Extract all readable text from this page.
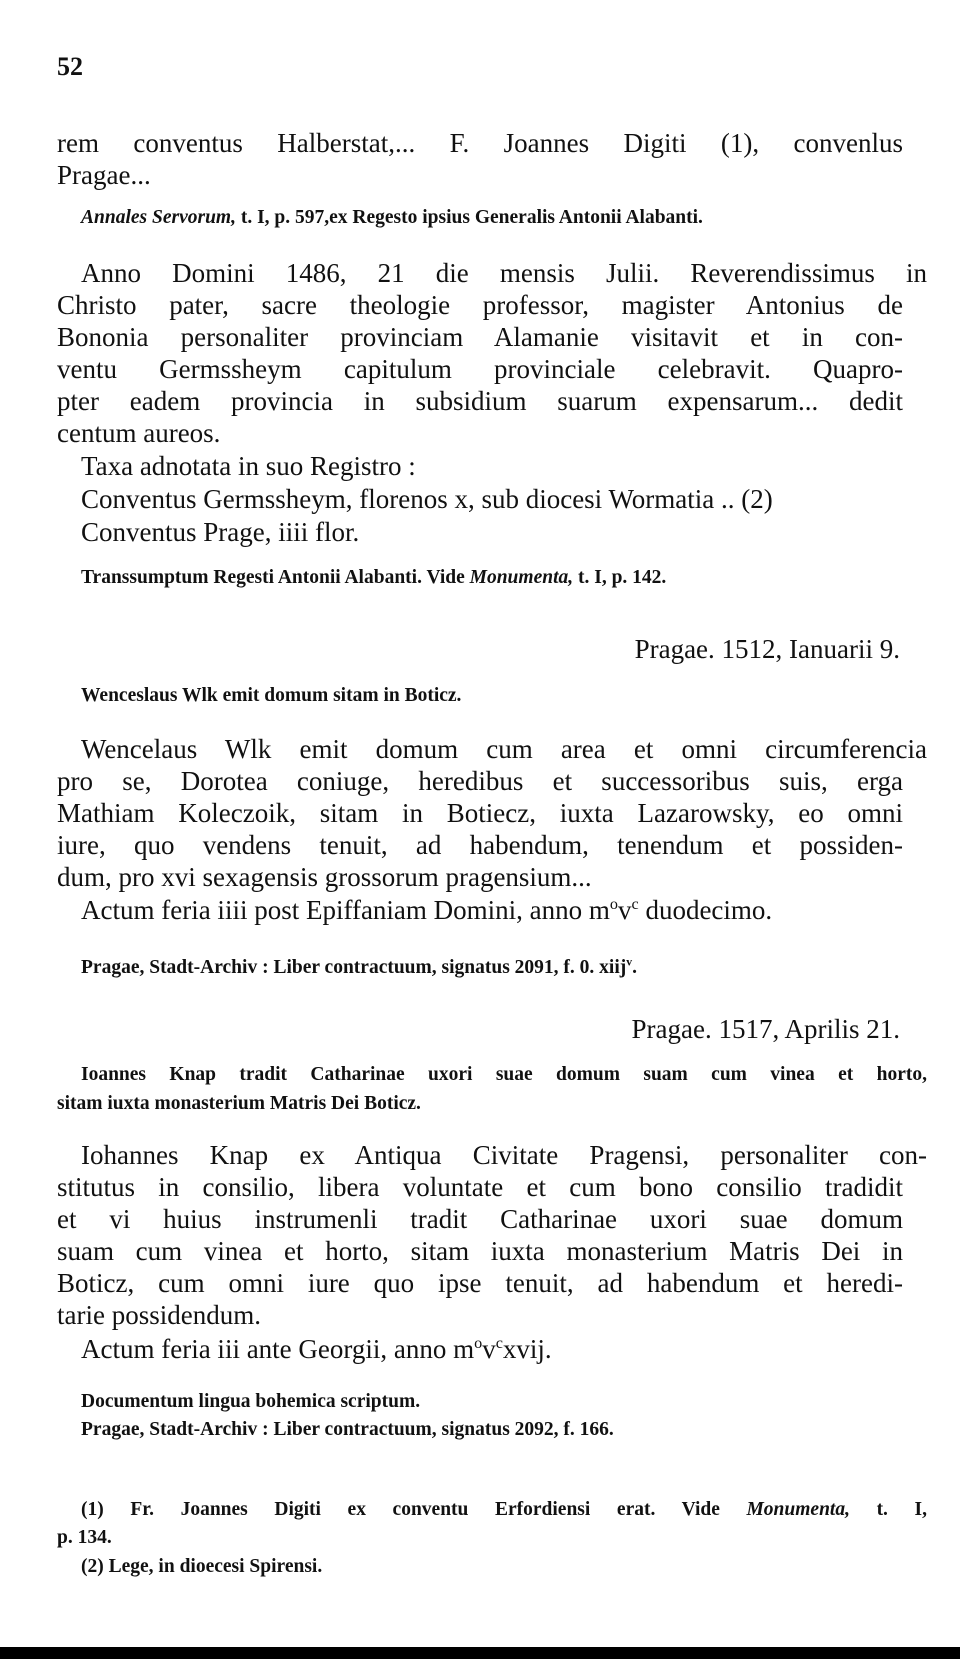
52
rem conventus Halberstat,... F. Joannes Digiti (1), convenlus
Pragae...
Annales Servorum, t. I, p. 597,ex Regesto ipsius Generalis Antonii Alabanti.
Anno Domini 1486, 21 die mensis Julii. Reverendissimus in
Christo pater, sacre theologie professor, magister Antonius de
Bononia personaliter provinciam Alamanie visitavit et in con-
ventu Germssheym capitulum provinciale celebravit. Quapro-
pter eadem provincia in subsidium suarum expensarum... dedit
centum aureos.
Taxa adnotata in suo Registro :
Conventus Germssheym, florenos x, sub diocesi Wormatia .. (2)
Conventus Prage, iiii flor.
Transsumptum Regesti Antonii Alabanti. Vide Monumenta, t. I, p. 142.
Pragae. 1512, Ianuarii 9.
Wenceslaus Wlk emit domum sitam in Boticz.
Wencelaus Wlk emit domum cum area et omni circumferencia
pro se, Dorotea coniuge, heredibus et successoribus suis, erga
Mathiam Koleczoik, sitam in Botiecz, iuxta Lazarowsky, eo omni
iure, quo vendens tenuit, ad habendum, tenendum et possiden-
dum, pro xvi sexagensis grossorum pragensium...
Actum feria iiii post Epiffaniam Domini, anno $m^ov^c$ duodecimo.
Pragae, Stadt-Archiv : Liber contractuum, signatus 2091, f. 0. xiij$^v$.
Pragae. 1517, Aprilis 21.
Ioannes Knap tradit Catharinae uxori suae domum suam cum vinea et horto,
sitam iuxta monasterium Matris Dei Boticz.
Iohannes Knap ex Antiqua Civitate Pragensi, personaliter con-
stitutus in consilio, libera voluntate et cum bono consilio tradidit
et vi huius instrumenli tradit Catharinae uxori suae domum
suam cum vinea et horto, sitam iuxta monasterium Matris Dei in
Boticz, cum omni iure quo ipse tenuit, ad habendum et heredi-
tarie possidendum.
Actum feria iii ante Georgii, anno $m^ov^cxvij$.
Documentum lingua bohemica scriptum.
Pragae, Stadt-Archiv : Liber contractuum, signatus 2092, f. 166.
(1) Fr. Joannes Digiti ex conventu Erfordiensi erat. Vide Monumenta, t. I,
p. 134.
(2) Lege, in dioecesi Spirensi.
